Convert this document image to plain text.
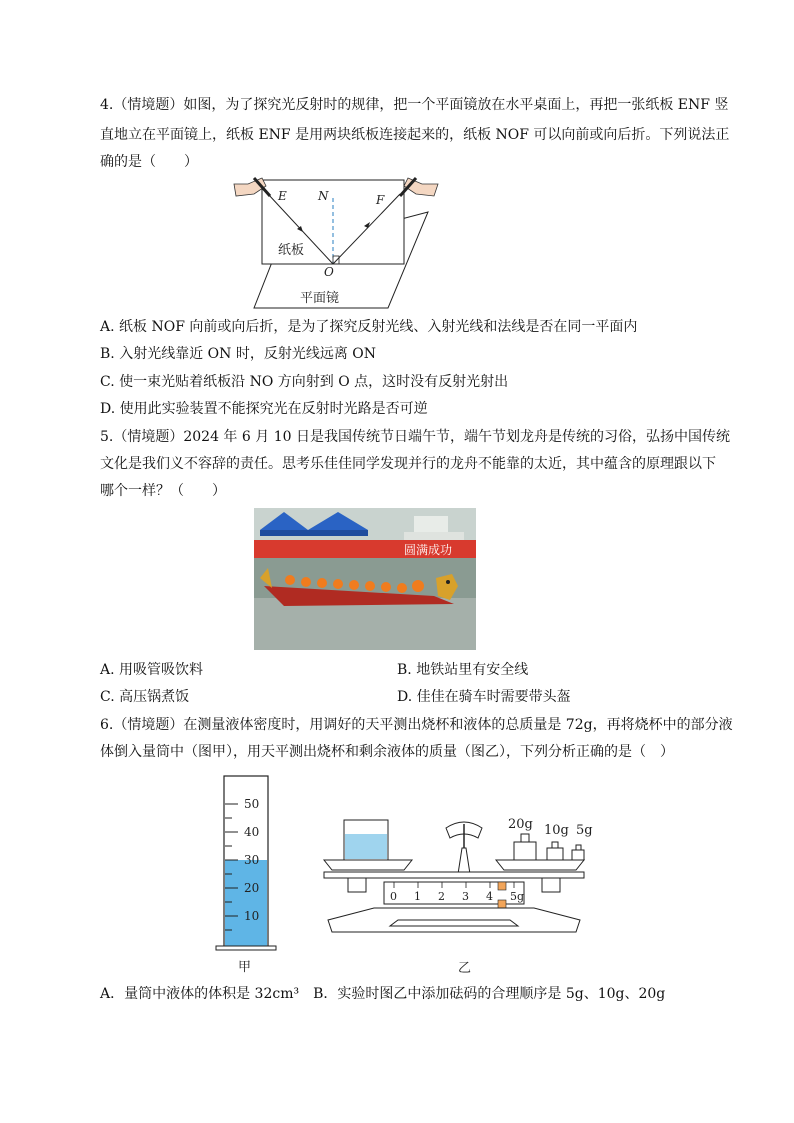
4.（情境题）如图，为了探究光反射时的规律，把一个平面镜放在水平桌面上，再把一张纸板 ENF 竖
直地立在平面镜上，纸板 ENF 是用两块纸板连接起来的，纸板 NOF 可以向前或向后折。下列说法正
确的是（　　）
E	N	F
O
纸板
平面镜
A. 纸板 NOF 向前或向后折，是为了探究反射光线、入射光线和法线是否在同一平面内
B. 入射光线靠近 ON 时，反射光线远离 ON
C. 使一束光贴着纸板沿 NO 方向射到 O 点，这时没有反射光射出
D. 使用此实验装置不能探究光在反射时光路是否可逆
5.（情境题）2024 年 6 月 10 日是我国传统节日端午节，端午节划龙舟是传统的习俗，弘扬中国传统
文化是我们义不容辞的责任。思考乐佳佳同学发现并行的龙舟不能靠的太近，其中蕴含的原理跟以下
哪个一样？（　　）
圆满成功
A. 用吸管吸饮料	B. 地铁站里有安全线
C. 高压锅煮饭	D. 佳佳在骑车时需要带头盔
6.（情境题）在测量液体密度时，用调好的天平测出烧杯和液体的总质量是 72g，再将烧杯中的部分液
体倒入量筒中（图甲），用天平测出烧杯和剩余液体的质量（图乙），下列分析正确的是（　）
50
40
30
20
10
甲
20g 10g 5g
0 1 2 3 4 5g
乙
A．量筒中液体的体积是 32cm³　B．实验时图乙中添加砝码的合理顺序是 5g、10g、20g
